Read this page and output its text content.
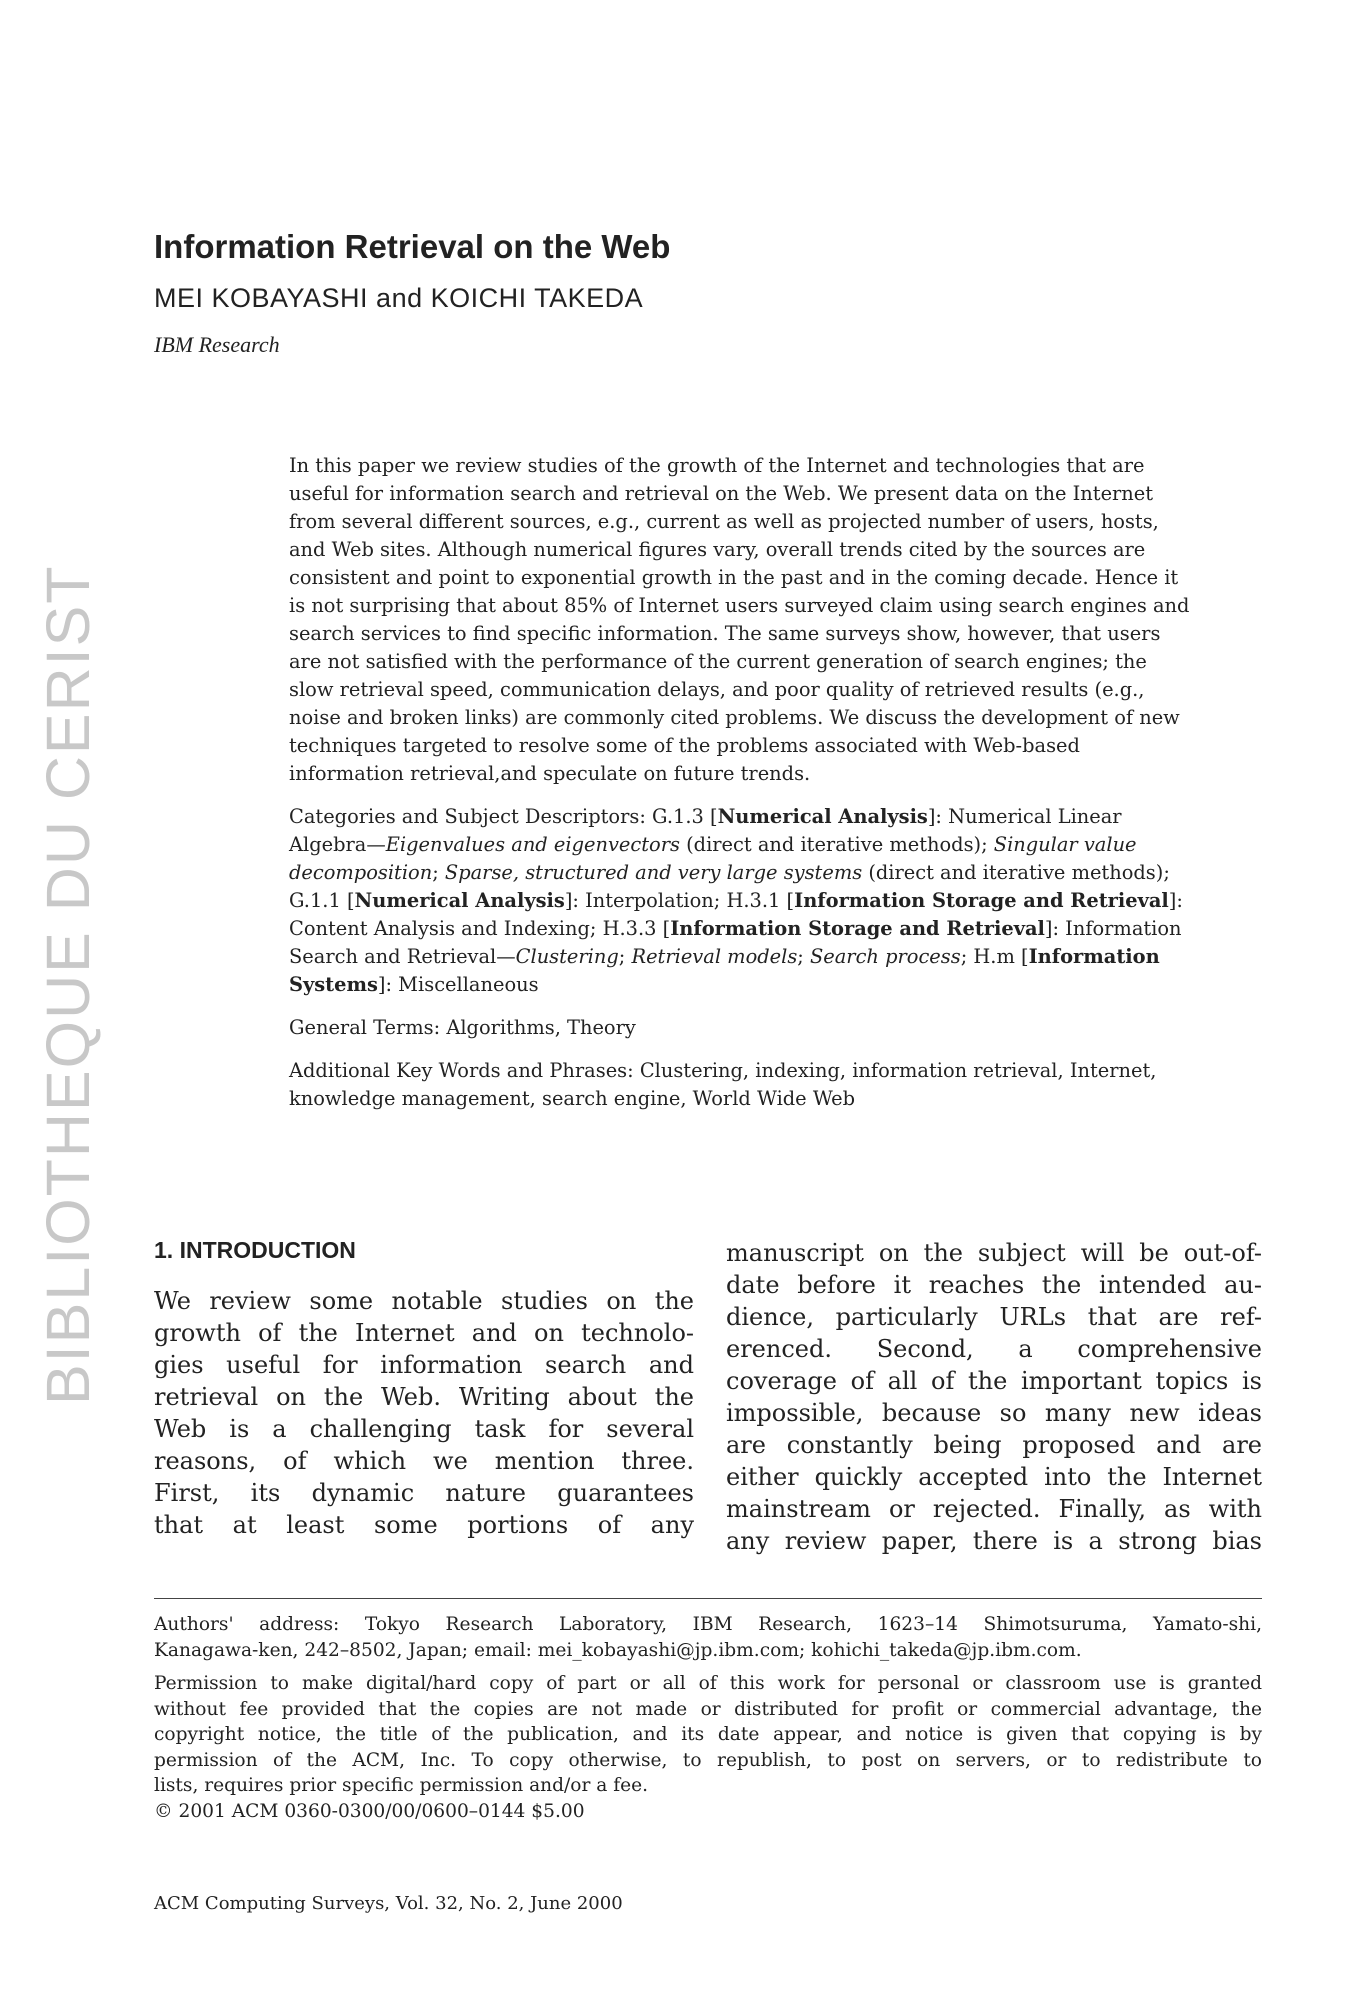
BIBLIOTHEQUE DU CERIST
Information Retrieval on the Web
MEI KOBAYASHI and KOICHI TAKEDA
IBM Research

In this paper we review studies of the growth of the Internet and technologies that are useful for information search and retrieval on the Web. We present data on the Internet from several different sources, e.g., current as well as projected number of users, hosts, and Web sites. Although numerical figures vary, overall trends cited by the sources are consistent and point to exponential growth in the past and in the coming decade. Hence it is not surprising that about 85% of Internet users surveyed claim using search engines and search services to find specific information. The same surveys show, however, that users are not satisfied with the performance of the current generation of search engines; the slow retrieval speed, communication delays, and poor quality of retrieved results (e.g., noise and broken links) are commonly cited problems. We discuss the development of new techniques targeted to resolve some of the problems associated with Web-based information retrieval,and speculate on future trends.

Categories and Subject Descriptors: G.1.3 [Numerical Analysis]: Numerical Linear Algebra—Eigenvalues and eigenvectors (direct and iterative methods); Singular value decomposition; Sparse, structured and very large systems (direct and iterative methods); G.1.1 [Numerical Analysis]: Interpolation; H.3.1 [Information Storage and Retrieval]: Content Analysis and Indexing; H.3.3 [Information Storage and Retrieval]: Information Search and Retrieval—Clustering; Retrieval models; Search process; H.m [Information Systems]: Miscellaneous

General Terms: Algorithms, Theory

Additional Key Words and Phrases: Clustering, indexing, information retrieval, Internet, knowledge management, search engine, World Wide Web

1. INTRODUCTION
We review some notable studies on the
growth of the Internet and on technolo-
gies useful for information search and
retrieval on the Web. Writing about the
Web is a challenging task for several
reasons, of which we mention three.
First, its dynamic nature guarantees
that at least some portions of any
manuscript on the subject will be out-of-
date before it reaches the intended au-
dience, particularly URLs that are ref-
erenced. Second, a comprehensive
coverage of all of the important topics is
impossible, because so many new ideas
are constantly being proposed and are
either quickly accepted into the Internet
mainstream or rejected. Finally, as with
any review paper, there is a strong bias
Authors' address: Tokyo Research Laboratory, IBM Research, 1623–14 Shimotsuruma, Yamato-shi,
Kanagawa-ken, 242–8502, Japan; email: mei_kobayashi@jp.ibm.com; kohichi_takeda@jp.ibm.com.
Permission to make digital/hard copy of part or all of this work for personal or classroom use is granted
without fee provided that the copies are not made or distributed for profit or commercial advantage, the
copyright notice, the title of the publication, and its date appear, and notice is given that copying is by
permission of the ACM, Inc. To copy otherwise, to republish, to post on servers, or to redistribute to
lists, requires prior specific permission and/or a fee.
© 2001 ACM 0360-0300/00/0600–0144 $5.00
ACM Computing Surveys, Vol. 32, No. 2, June 2000
